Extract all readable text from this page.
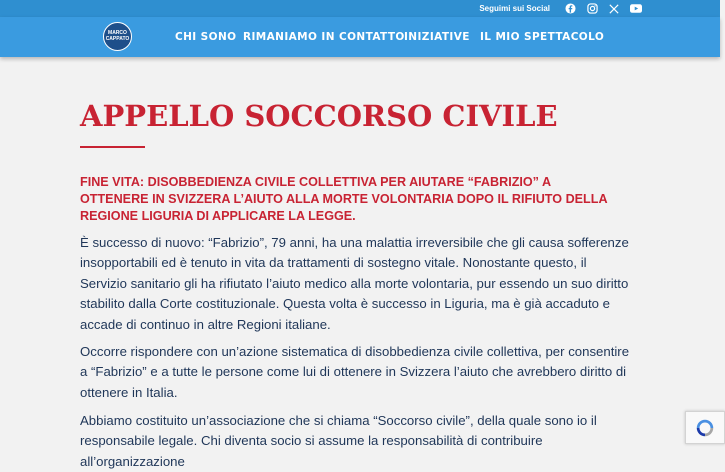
Seguimi sui Social
MARCO
CAPPATO	CHI SONO RIMANIAMO IN CONTATTO INIZIATIVE IL MIO SPETTACOLO
APPELLO SOCCORSO CIVILE
FINE VITA: DISOBBEDIENZA CIVILE COLLETTIVA PER AIUTARE “FABRIZIO” A OTTENERE IN SVIZZERA L’AIUTO ALLA MORTE VOLONTARIA DOPO IL RIFIUTO DELLA REGIONE LIGURIA DI APPLICARE LA LEGGE.

È successo di nuovo: “Fabrizio”, 79 anni, ha una malattia irreversibile che gli causa sofferenze insopportabili ed è tenuto in vita da trattamenti di sostegno vitale. Nonostante questo, il Servizio sanitario gli ha rifiutato l’aiuto medico alla morte volontaria, pur essendo un suo diritto stabilito dalla Corte costituzionale. Questa volta è successo in Liguria, ma è già accaduto e accade di continuo in altre Regioni italiane.

Occorre rispondere con un’azione sistematica di disobbedienza civile collettiva, per consentire a “Fabrizio” e a tutte le persone come lui di ottenere in Svizzera l’aiuto che avrebbero diritto di ottenere in Italia.

Abbiamo costituito un’associazione che si chiama “Soccorso civile”, della quale sono io il responsabile legale. Chi diventa socio si assume la responsabilità di contribuire all’organizzazione
